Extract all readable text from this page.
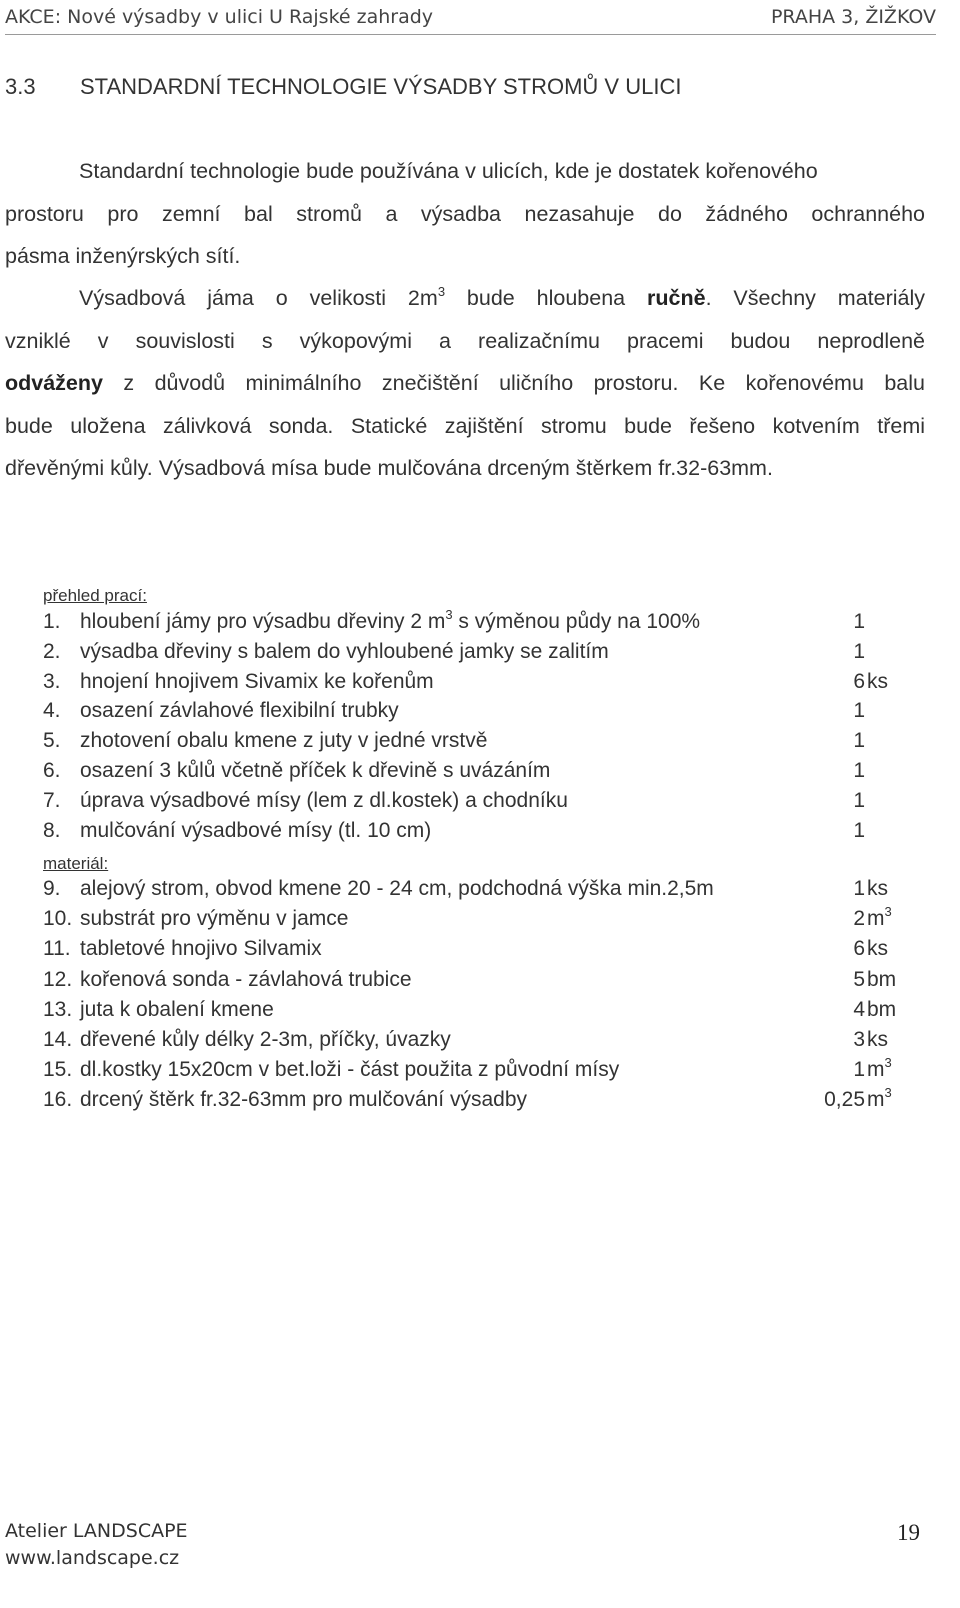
AKCE: Nové výsadby v ulici U Rajské zahrady	PRAHA 3, ŽIŽKOV
3.3 STANDARDNÍ TECHNOLOGIE VÝSADBY STROMŮ V ULICI
Standardní technologie bude používána v ulicích, kde je dostatek kořenového
prostoru pro zemní bal stromů a výsadba nezasahuje do žádného ochranného
pásma inženýrských sítí.
Výsadbová jáma o velikosti $2m^3$ bude hloubena ručně. Všechny materiály
vzniklé v souvislosti s výkopovými a realizačnímu pracemi budou neprodleně
odváženy z důvodů minimálního znečištění uličního prostoru. Ke kořenovému balu
bude uložena zálivková sonda. Statické zajištění stromu bude řešeno kotvením třemi
dřevěnými kůly. Výsadbová mísa bude mulčována drceným štěrkem fr.32-63mm.
přehled prací:
1. hloubení jámy pro výsadbu dřeviny 2 $m^3$ s výměnou půdy na 100%	1
2. výsadba dřeviny s balem do vyhloubené jamky se zalitím	1
3. hnojení hnojivem Sivamix ke kořenům	6ks
4. osazení závlahové flexibilní trubky	1
5. zhotovení obalu kmene z juty v jedné vrstvě	1
6. osazení 3 kůlů včetně příček k dřevině s uvázáním	1
7. úprava výsadbové mísy (lem z dl.kostek) a chodníku	1
8. mulčování výsadbové mísy (tl. 10 cm)	1
materiál:
9. alejový strom, obvod kmene 20 - 24 cm, podchodná výška min.2,5m	1ks
10. substrát pro výměnu v jamce	$2m^3$
11. tabletové hnojivo Silvamix	6ks
12. kořenová sonda - závlahová trubice	5bm
13. juta k obalení kmene	4bm
14. dřevené kůly délky 2-3m, příčky, úvazky	3ks
15. dl.kostky 15x20cm v bet.loži - část použita z původní mísy	$1m^3$
16. drcený štěrk fr.32-63mm pro mulčování výsadby	$0,25m^3$
Atelier LANDSCAPE
www.landscape.cz
19
